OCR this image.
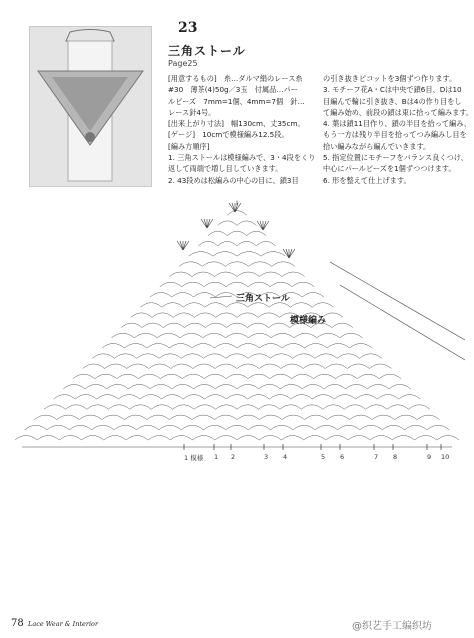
23
三角ストール
Page25
[用意するもの]　糸…ダルマ絹のレース糸
#30　薄茶(4)50g／3玉　付属品…パー
ルビーズ　7mm=1個、4mm=7個　針…
レース針4号。
[出来上がり寸法]　幅130cm、丈35cm。
[ゲージ]　10cmで模様編み12.5段。
[編み方順序]
1. 三角ストールは模様編みで、3・4段をくり
返して両端で増し目していきます。
2. 43段めは松編みの中心の目に、鎖3目
の引き抜きピコットを3個ずつ作ります。
3. モチーフ花A・Cは中央で鎖6目、Dは10
目編んで輪に引き抜き、Bは4の作り目をし
て編み始め、前段の鎖は束に拾って編みます。
4. 葉は鎖11目作り、鎖の半目を拾って編み、
もう一方は残り半目を拾ってつみ編みし目を
拾い編みながら編んでいきます。
5. 指定位置にモチーフをバランス良くつけ、
中心にパールビーズを1個ずつつけます。
6. 形を整えて仕上げます。
三角ストール
模様編み
1 模様 1 2	3 4	5 6	7 8	9 10
78 Lace Wear & Interior	@织艺手工编织坊
